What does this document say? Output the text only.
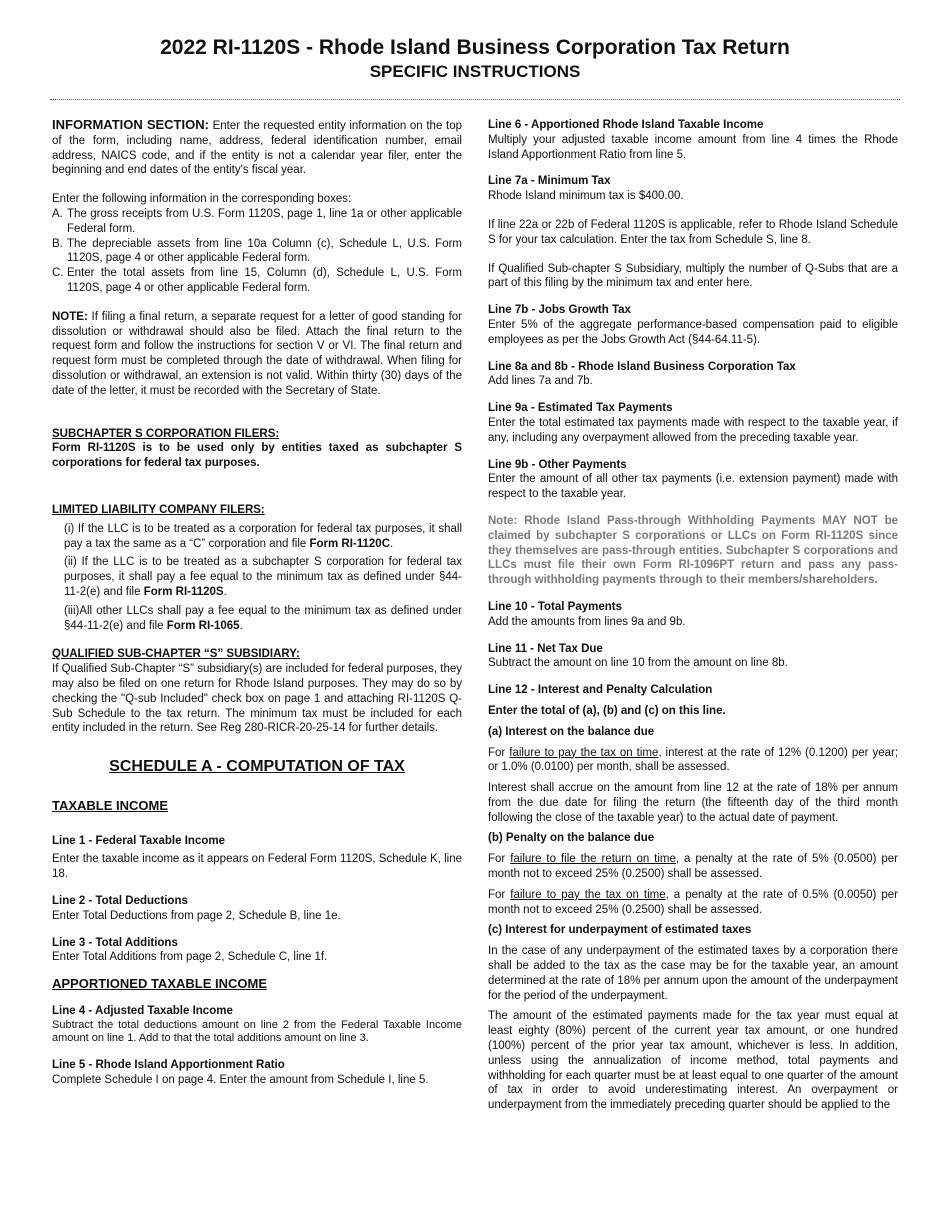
2022 RI-1120S - Rhode Island Business Corporation Tax Return
SPECIFIC INSTRUCTIONS

INFORMATION SECTION: Enter the requested entity information on the top of the form, including name, address, federal identification number, email address, NAICS code, and if the entity is not a calendar year filer, enter the beginning and end dates of the entity's fiscal year.

Enter the following information in the corresponding boxes:

A. The gross receipts from U.S. Form 1120S, page 1, line 1a or other applicable Federal form.
B. The depreciable assets from line 10a Column (c), Schedule L, U.S. Form 1120S, page 4 or other applicable Federal form.
C. Enter the total assets from line 15, Column (d), Schedule L, U.S. Form 1120S, page 4 or other applicable Federal form.

NOTE: If filing a final return, a separate request for a letter of good standing for dissolution or withdrawal should also be filed. Attach the final return to the request form and follow the instructions for section V or VI. The final return and request form must be completed through the date of withdrawal. When filing for dissolution or withdrawal, an extension is not valid. Within thirty (30) days of the date of the letter, it must be recorded with the Secretary of State.

SUBCHAPTER S CORPORATION FILERS:

Form RI-1120S is to be used only by entities taxed as subchapter S corporations for federal tax purposes.

LIMITED LIABILITY COMPANY FILERS:

(i) If the LLC is to be treated as a corporation for federal tax purposes, it shall pay a tax the same as a “C” corporation and file Form RI-1120C.

(ii) If the LLC is to be treated as a subchapter S corporation for federal tax purposes, it shall pay a fee equal to the minimum tax as defined under §44-11-2(e) and file Form RI-1120S.

(iii)All other LLCs shall pay a fee equal to the minimum tax as defined under §44-11-2(e) and file Form RI-1065.

QUALIFIED SUB-CHAPTER “S” SUBSIDIARY:

If Qualified Sub-Chapter “S” subsidiary(s) are included for federal purposes, they may also be filed on one return for Rhode Island purposes. They may do so by checking the "Q-sub Included" check box on page 1 and attaching RI-1120S Q-Sub Schedule to the tax return. The minimum tax must be included for each entity included in the return. See Reg 280-RICR-20-25-14 for further details.

SCHEDULE A - COMPUTATION OF TAX

TAXABLE INCOME

Line 1 - Federal Taxable Income

Enter the taxable income as it appears on Federal Form 1120S, Schedule K, line 18.

Line 2 - Total Deductions

Enter Total Deductions from page 2, Schedule B, line 1e.

Line 3 - Total Additions

Enter Total Additions from page 2, Schedule C, line 1f.

APPORTIONED TAXABLE INCOME

Line 4 - Adjusted Taxable Income

Subtract the total deductions amount on line 2 from the Federal Taxable Income amount on line 1. Add to that the total additions amount on line 3.

Line 5 - Rhode Island Apportionment Ratio

Complete Schedule I on page 4. Enter the amount from Schedule I, line 5.

Line 6 - Apportioned Rhode Island Taxable Income

Multiply your adjusted taxable income amount from line 4 times the Rhode Island Apportionment Ratio from line 5.

Line 7a - Minimum Tax

Rhode Island minimum tax is $400.00.

If line 22a or 22b of Federal 1120S is applicable, refer to Rhode Island Schedule S for your tax calculation. Enter the tax from Schedule S, line 8.

If Qualified Sub-chapter S Subsidiary, multiply the number of Q-Subs that are a part of this filing by the minimum tax and enter here.

Line 7b - Jobs Growth Tax

Enter 5% of the aggregate performance-based compensation paid to eligible employees as per the Jobs Growth Act (§44-64.11-5).

Line 8a and 8b - Rhode Island Business Corporation Tax

Add lines 7a and 7b.

Line 9a - Estimated Tax Payments

Enter the total estimated tax payments made with respect to the taxable year, if any, including any overpayment allowed from the preceding taxable year.

Line 9b - Other Payments

Enter the amount of all other tax payments (i.e. extension payment) made with respect to the taxable year.

Note: Rhode Island Pass-through Withholding Payments MAY NOT be claimed by subchapter S corporations or LLCs on Form RI-1120S since they themselves are pass-through entities. Subchapter S corporations and LLCs must file their own Form RI-1096PT return and pass any pass-through withholding payments through to their members/shareholders.

Line 10 - Total Payments

Add the amounts from lines 9a and 9b.

Line 11 - Net Tax Due

Subtract the amount on line 10 from the amount on line 8b.

Line 12 - Interest and Penalty Calculation

Enter the total of (a), (b) and (c) on this line.

(a) Interest on the balance due

For failure to pay the tax on time, interest at the rate of 12% (0.1200) per year; or 1.0% (0.0100) per month, shall be assessed.

Interest shall accrue on the amount from line 12 at the rate of 18% per annum from the due date for filing the return (the fifteenth day of the third month following the close of the taxable year) to the actual date of payment.

(b) Penalty on the balance due

For failure to file the return on time, a penalty at the rate of 5% (0.0500) per month not to exceed 25% (0.2500) shall be assessed.

For failure to pay the tax on time, a penalty at the rate of 0.5% (0.0050) per month not to exceed 25% (0.2500) shall be assessed.

(c) Interest for underpayment of estimated taxes

In the case of any underpayment of the estimated taxes by a corporation there shall be added to the tax as the case may be for the taxable year, an amount determined at the rate of 18% per annum upon the amount of the underpayment for the period of the underpayment.

The amount of the estimated payments made for the tax year must equal at least eighty (80%) percent of the current year tax amount, or one hundred (100%) percent of the prior year tax amount, whichever is less. In addition, unless using the annualization of income method, total payments and withholding for each quarter must be at least equal to one quarter of the amount of tax in order to avoid underestimating interest. An overpayment or underpayment from the immediately preceding quarter should be applied to the
